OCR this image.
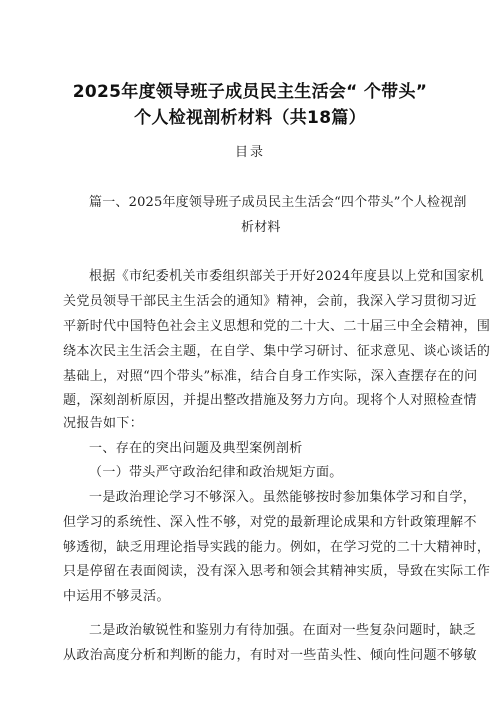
2025年度领导班子成员民主生活会“ 个带头”
个人检视剖析材料（共18篇）
目录
篇一、2025年度领导班子成员民主生活会“四个带头”个人检视剖
析材料
根据《市纪委机关市委组织部关于开好2024年度县以上党和国家机
关党员领导干部民主生活会的通知》精神，会前，我深入学习贯彻习近
平新时代中国特色社会主义思想和党的二十大、二十届三中全会精神，围
绕本次民主生活会主题，在自学、集中学习研讨、征求意见、谈心谈话的
基础上，对照“四个带头”标准，结合自身工作实际，深入查摆存在的问
题，深刻剖析原因，并提出整改措施及努力方向。现将个人对照检查情
况报告如下：
一、存在的突出问题及典型案例剖析
（一）带头严守政治纪律和政治规矩方面。
一是政治理论学习不够深入。虽然能够按时参加集体学习和自学，
但学习的系统性、深入性不够，对党的最新理论成果和方针政策理解不
够透彻，缺乏用理论指导实践的能力。例如，在学习党的二十大精神时，
只是停留在表面阅读，没有深入思考和领会其精神实质，导致在实际工作
中运用不够灵活。
二是政治敏锐性和鉴别力有待加强。在面对一些复杂问题时，缺乏
从政治高度分析和判断的能力，有时对一些苗头性、倾向性问题不够敏
